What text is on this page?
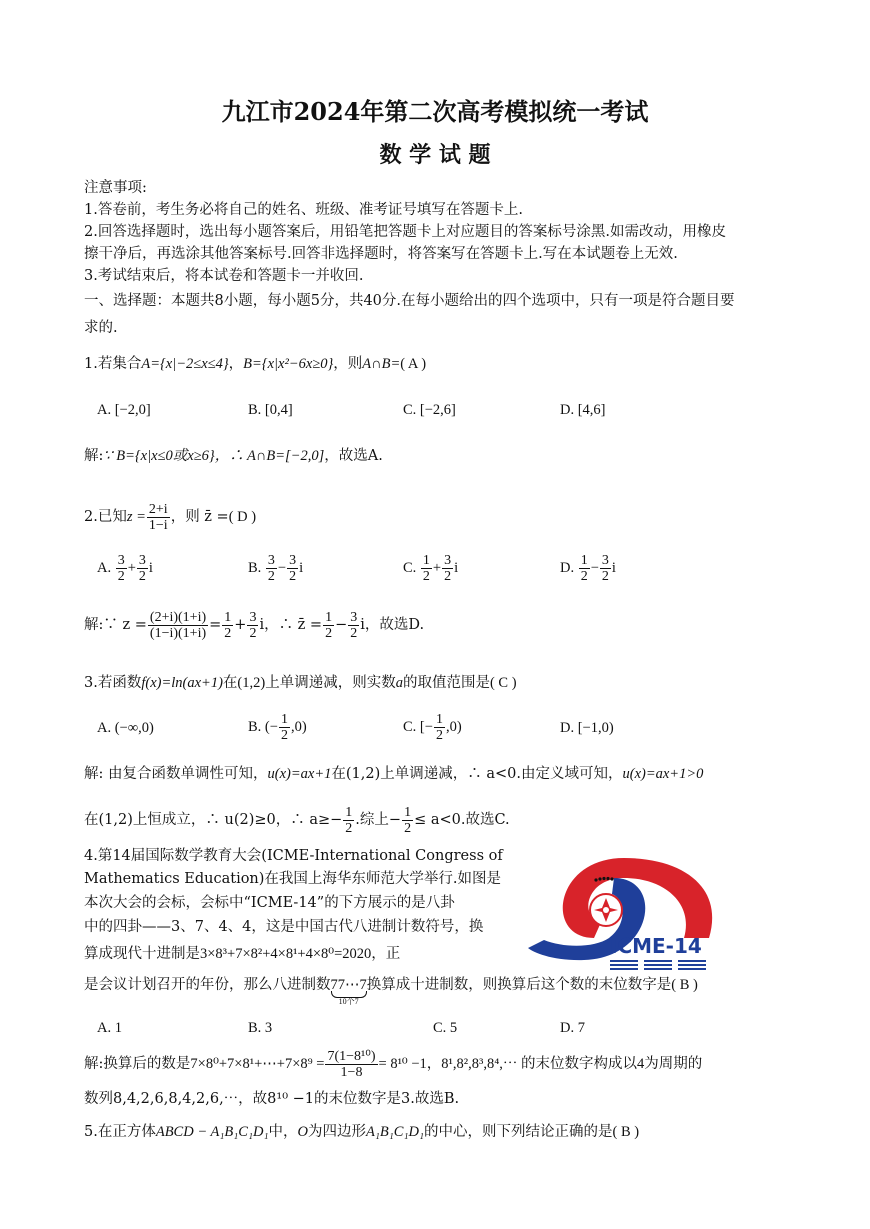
九江市2024年第二次高考模拟统一考试
数 学 试 题
注意事项:
1.答卷前，考生务必将自己的姓名、班级、准考证号填写在答题卡上.
2.回答选择题时，选出每小题答案后，用铅笔把答题卡上对应题目的答案标号涂黑.如需改动，用橡皮
擦干净后，再选涂其他答案标号.回答非选择题时，将答案写在答题卡上.写在本试题卷上无效.
3.考试结束后，将本试卷和答题卡一并收回.
一、选择题：本题共8小题，每小题5分，共40分.在每小题给出的四个选项中，只有一项是符合题目要
求的.
1.若集合A={x|−2≤x≤4}，B={x|x²−6x≥0}，则A∩B=( A )
A. [−2,0]	B. [0,4]	C. [−2,6]	D. [4,6]
解:∵ B={x|x≤0或x≥6}，∴ A∩B=[−2,0]，故选A.
2.已知$z = \frac{2+i}{1-i}$ ，则 z̄ =( D )
A. $\frac{3}{2} + \frac{3}{2}$ i	B. $\frac{3}{2} - \frac{3}{2}$ i	C. $\frac{1}{2} + \frac{3}{2}$ i	D. $\frac{1}{2} - \frac{3}{2}$ i
解:∵ $z = \frac{(2+i)(1+i)}{(1-i)(1+i)} = \frac{1}{2} + \frac{3}{2}$ i，∴ z̄ = $\frac{1}{2} - \frac{3}{2}$ i，故选D.
3.若函数f(x)=ln(ax+1)在(1,2)上单调递减，则实数a的取值范围是( C )
A. (−∞,0)	B. (− $\frac{1}{2} ,0$)	C. [− $\frac{1}{2} ,0$)	D. [−1,0)
解: 由复合函数单调性可知，u(x)=ax+1在(1,2)上单调递减，∴ a<0.由定义域可知，u(x)=ax+1>0
在(1,2)上恒成立，∴ u(2)≥0，∴ $a\ge- \frac{1}{2}$ .综上− $\frac{1}{2} \le a<0$.故选C.
4.第14届国际数学教育大会(ICME-International Congress of
Mathematics Education)在我国上海华东师范大学举行.如图是
本次大会的会标，会标中“ICME-14”的下方展示的是八卦
中的四卦——3、7、4、4，这是中国古代八进制计数符号，换
算成现代十进制是3×8³+7×8²+4×8¹+4×8⁰=2020，正
是会议计划召开的年份，那么八进制数77⋯7
10个7
换算成十进制数，则换算后这个数的末位数字是( B )
ICME-14
A. 1	B. 3	C. 5	D. 7
解:换算后的数是7×8⁰+7×8¹+⋯+7×8⁹ = $\frac{\text{7(1−8¹⁰)}}{1-8} = 8^{10} -1$，8¹,8²,8³,8⁴,⋯ 的末位数字构成以4为周期的
数列8,4,2,6,8,4,2,6,⋯，故8¹⁰ −1的末位数字是3.故选B.
5.在正方体ABCD − A₁B₁C₁D₁中，O为四边形A₁B₁C₁D₁的中心，则下列结论正确的是( B )
